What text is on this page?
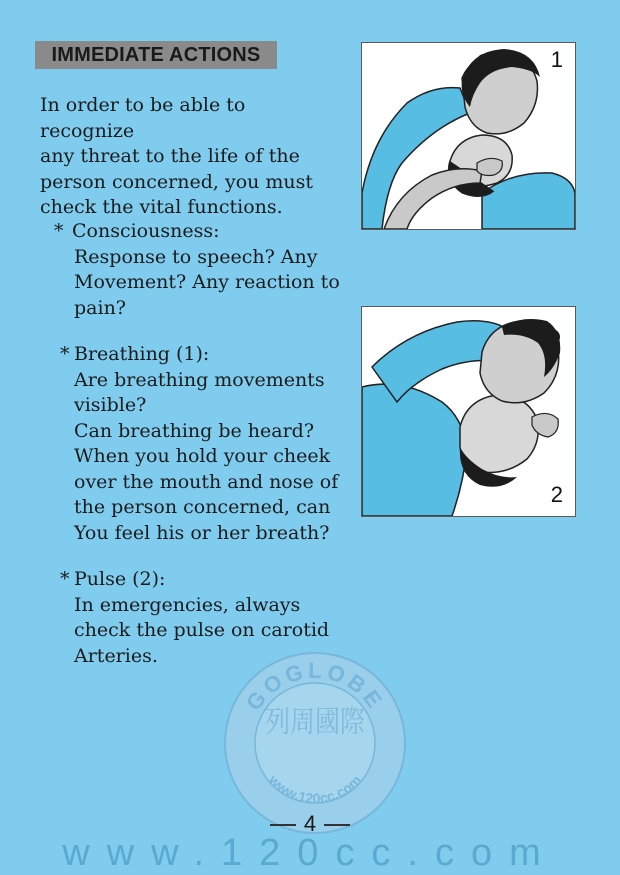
IMMEDIATE ACTIONS

In order to be able to recognize
any threat to the life of the
person concerned, you must
check the vital functions.

* Consciousness:
Response to speech? Any
Movement? Any reaction to
pain?
* Breathing (1):
Are breathing movements
visible?
Can breathing be heard?
When you hold your cheek
over the mouth and nose of
the person concerned, can
You feel his or her breath?
* Pulse (2):
In emergencies, always
check the pulse on carotid
Arteries.
1
2
GOGLOBE
列周國際
www.120cc.com
4
www.120cc.com
